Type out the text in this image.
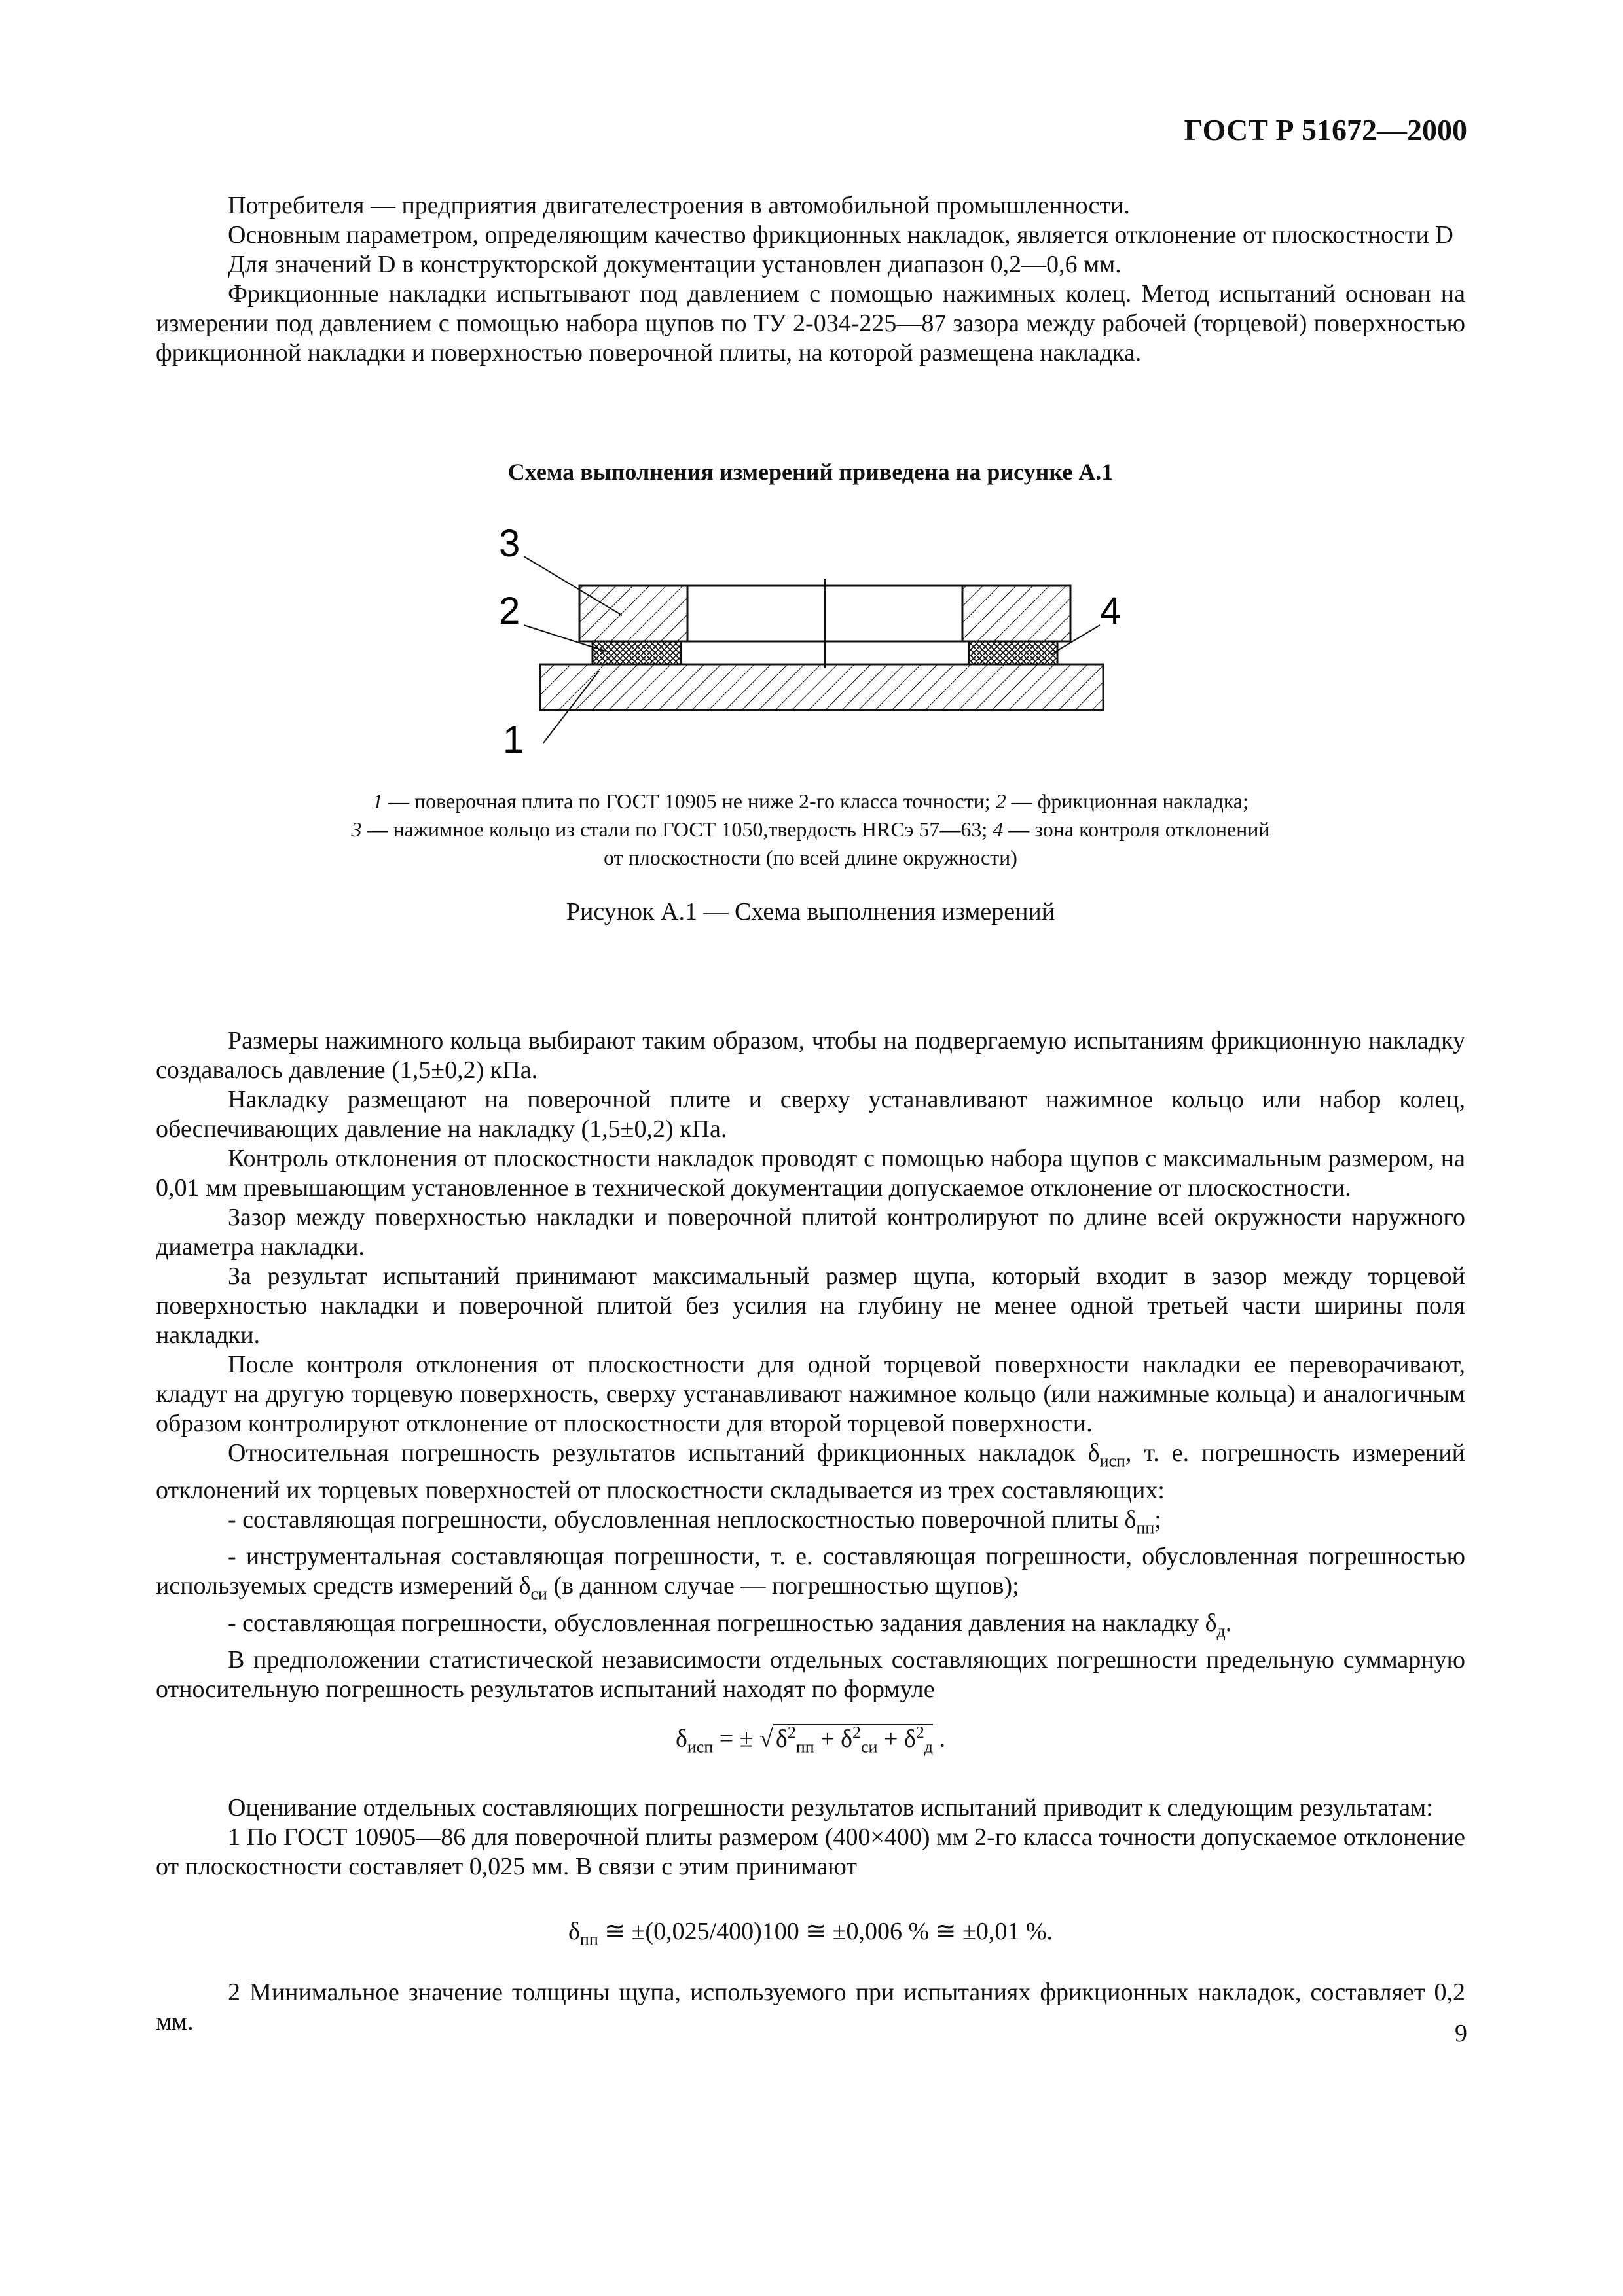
ГОСТ Р 51672—2000

Потребителя — предприятия двигателестроения в автомобильной промышленности.

Основным параметром, определяющим качество фрикционных накладок, является отклонение от плоскостности D

Для значений D в конструкторской документации установлен диапазон 0,2—0,6 мм.

Фрикционные накладки испытывают под давлением с помощью нажимных колец. Метод испытаний основан на измерении под давлением с помощью набора щупов по ТУ 2-034-225—87 зазора между рабочей (торцевой) поверхностью фрикционной накладки и поверхностью поверочной плиты, на которой размещена накладка.

Схема выполнения измерений приведена на рисунке А.1
3
2	4
1
1 — поверочная плита по ГОСТ 10905 не ниже 2-го класса точности; 2 — фрикционная накладка;
3 — нажимное кольцо из стали по ГОСТ 1050,твердость HRCэ 57—63; 4 — зона контроля отклонений
от плоскостности (по всей длине окружности)
Рисунок А.1 — Схема выполнения измерений

Размеры нажимного кольца выбирают таким образом, чтобы на подвергаемую испытаниям фрикционную накладку создавалось давление (1,5±0,2) кПа.

Накладку размещают на поверочной плите и сверху устанавливают нажимное кольцо или набор колец, обеспечивающих давление на накладку (1,5±0,2) кПа.

Контроль отклонения от плоскостности накладок проводят с помощью набора щупов с максимальным размером, на 0,01 мм превышающим установленное в технической документации допускаемое отклонение от плоскостности.

Зазор между поверхностью накладки и поверочной плитой контролируют по длине всей окружности наружного диаметра накладки.

За результат испытаний принимают максимальный размер щупа, который входит в зазор между торцевой поверхностью накладки и поверочной плитой без усилия на глубину не менее одной третьей части ширины поля накладки.

После контроля отклонения от плоскостности для одной торцевой поверхности накладки ее переворачивают, кладут на другую торцевую поверхность, сверху устанавливают нажимное кольцо (или нажимные кольца) и аналогичным образом контролируют отклонение от плоскостности для второй торцевой поверхности.

Относительная погрешность результатов испытаний фрикционных накладок $\delta_{исп}$, т. е. погрешность измерений отклонений их торцевых поверхностей от плоскостности складывается из трех составляющих:

- составляющая погрешности, обусловленная неплоскостностью поверочной плиты $\delta_{пп}$;

- инструментальная составляющая погрешности, т. е. составляющая погрешности, обусловленная погрешностью используемых средств измерений $\delta_{си}$ (в данном случае — погрешностью щупов);

- составляющая погрешности, обусловленная погрешностью задания давления на накладку $\delta_д$.

В предположении статистической независимости отдельных составляющих погрешности предельную суммарную относительную погрешность результатов испытаний находят по формуле

$\delta_{исп}$ = ± √ $\delta^2_{пп} + \delta^2_{си} + \delta^2_д$ .

Оценивание отдельных составляющих погрешности результатов испытаний приводит к следующим результатам:

1 По ГОСТ 10905—86 для поверочной плиты размером (400×400) мм 2-го класса точности допускаемое отклонение от плоскостности составляет 0,025 мм. В связи с этим принимают

$\delta_{пп}$ ≅ ±(0,025/400)100 ≅ ±0,006 % ≅ ±0,01 %.

2 Минимальное значение толщины щупа, используемого при испытаниях фрикционных накладок, составляет 0,2 мм.	9
